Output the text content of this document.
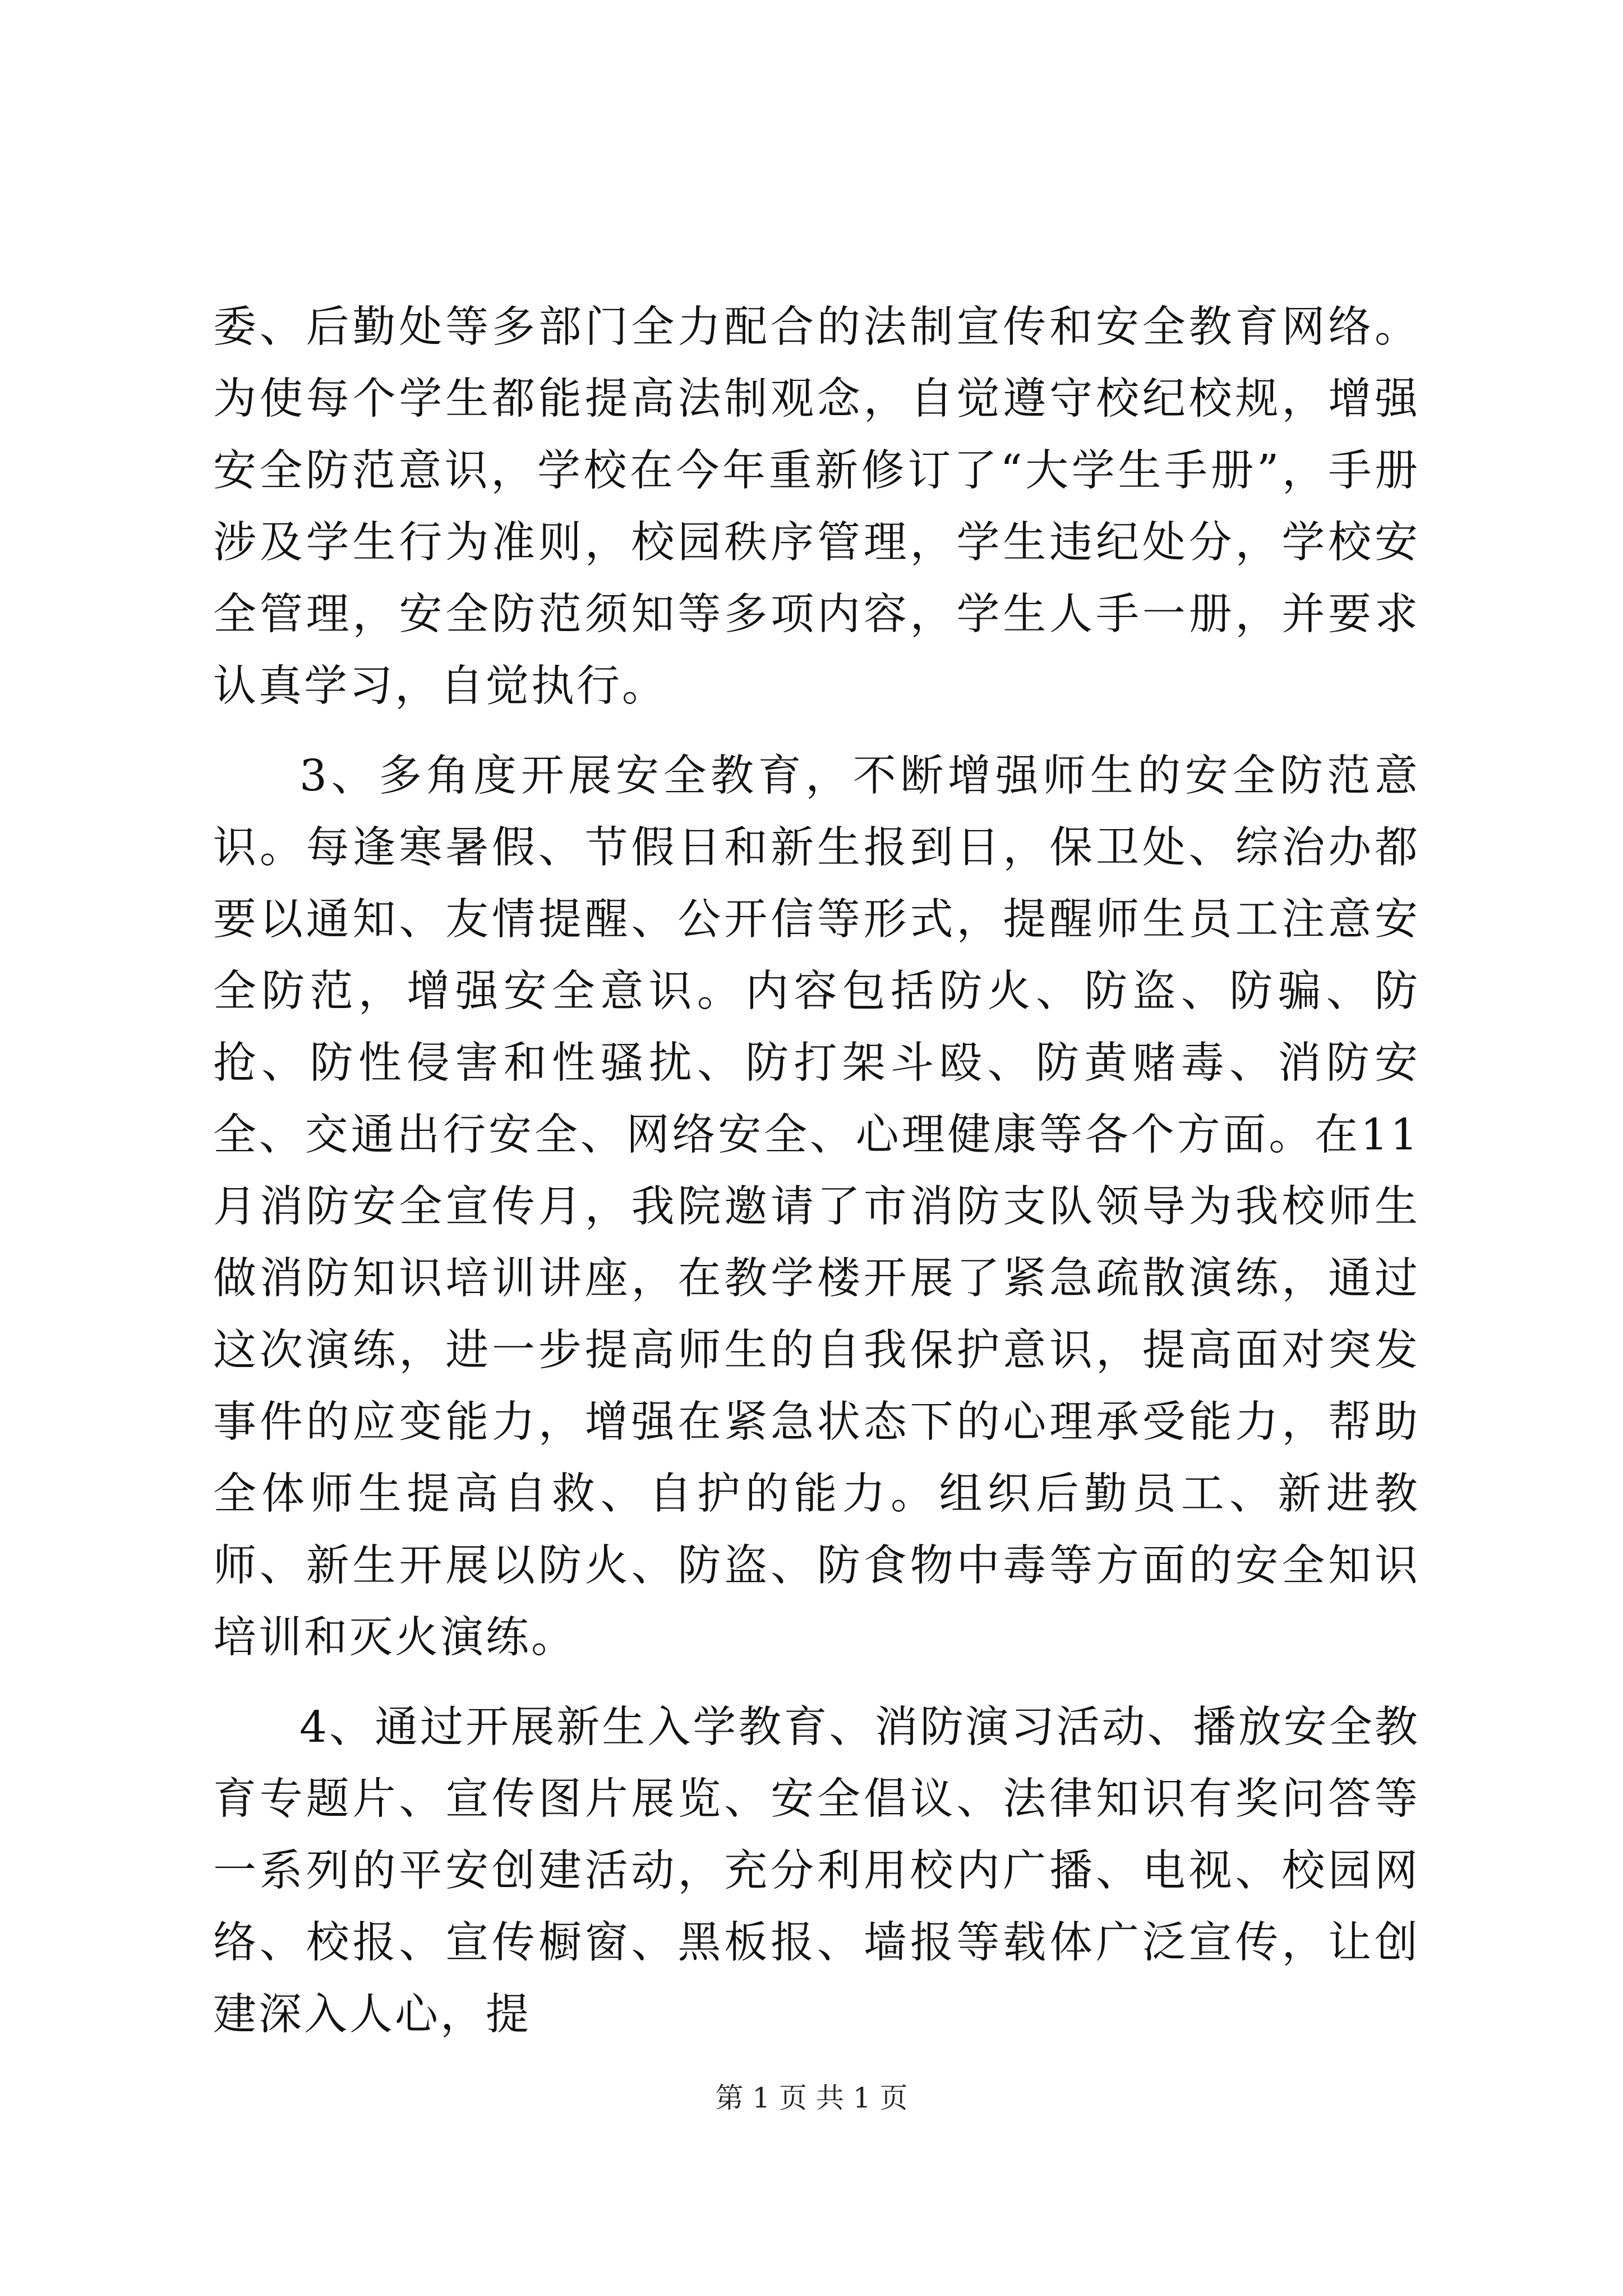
委、后勤处等多部门全力配合的法制宣传和安全教育网络。为使每个学生都能提高法制观念，自觉遵守校纪校规，增强安全防范意识，学校在今年重新修订了“大学生手册”，手册涉及学生行为准则，校园秩序管理，学生违纪处分，学校安全管理，安全防范须知等多项内容，学生人手一册，并要求认真学习，自觉执行。

3、多角度开展安全教育，不断增强师生的安全防范意识。每逢寒暑假、节假日和新生报到日，保卫处、综治办都要以通知、友情提醒、公开信等形式，提醒师生员工注意安全防范，增强安全意识。内容包括防火、防盗、防骗、防抢、防性侵害和性骚扰、防打架斗殴、防黄赌毒、消防安全、交通出行安全、网络安全、心理健康等各个方面。在11月消防安全宣传月，我院邀请了市消防支队领导为我校师生做消防知识培训讲座，在教学楼开展了紧急疏散演练，通过这次演练，进一步提高师生的自我保护意识，提高面对突发事件的应变能力，增强在紧急状态下的心理承受能力，帮助全体师生提高自救、自护的能力。组织后勤员工、新进教师、新生开展以防火、防盗、防食物中毒等方面的安全知识培训和灭火演练。

4、通过开展新生入学教育、消防演习活动、播放安全教育专题片、宣传图片展览、安全倡议、法律知识有奖问答等一系列的平安创建活动，充分利用校内广播、电视、校园网络、校报、宣传橱窗、黑板报、墙报等载体广泛宣传，让创建深入人心，提

第 1 页 共 1 页
